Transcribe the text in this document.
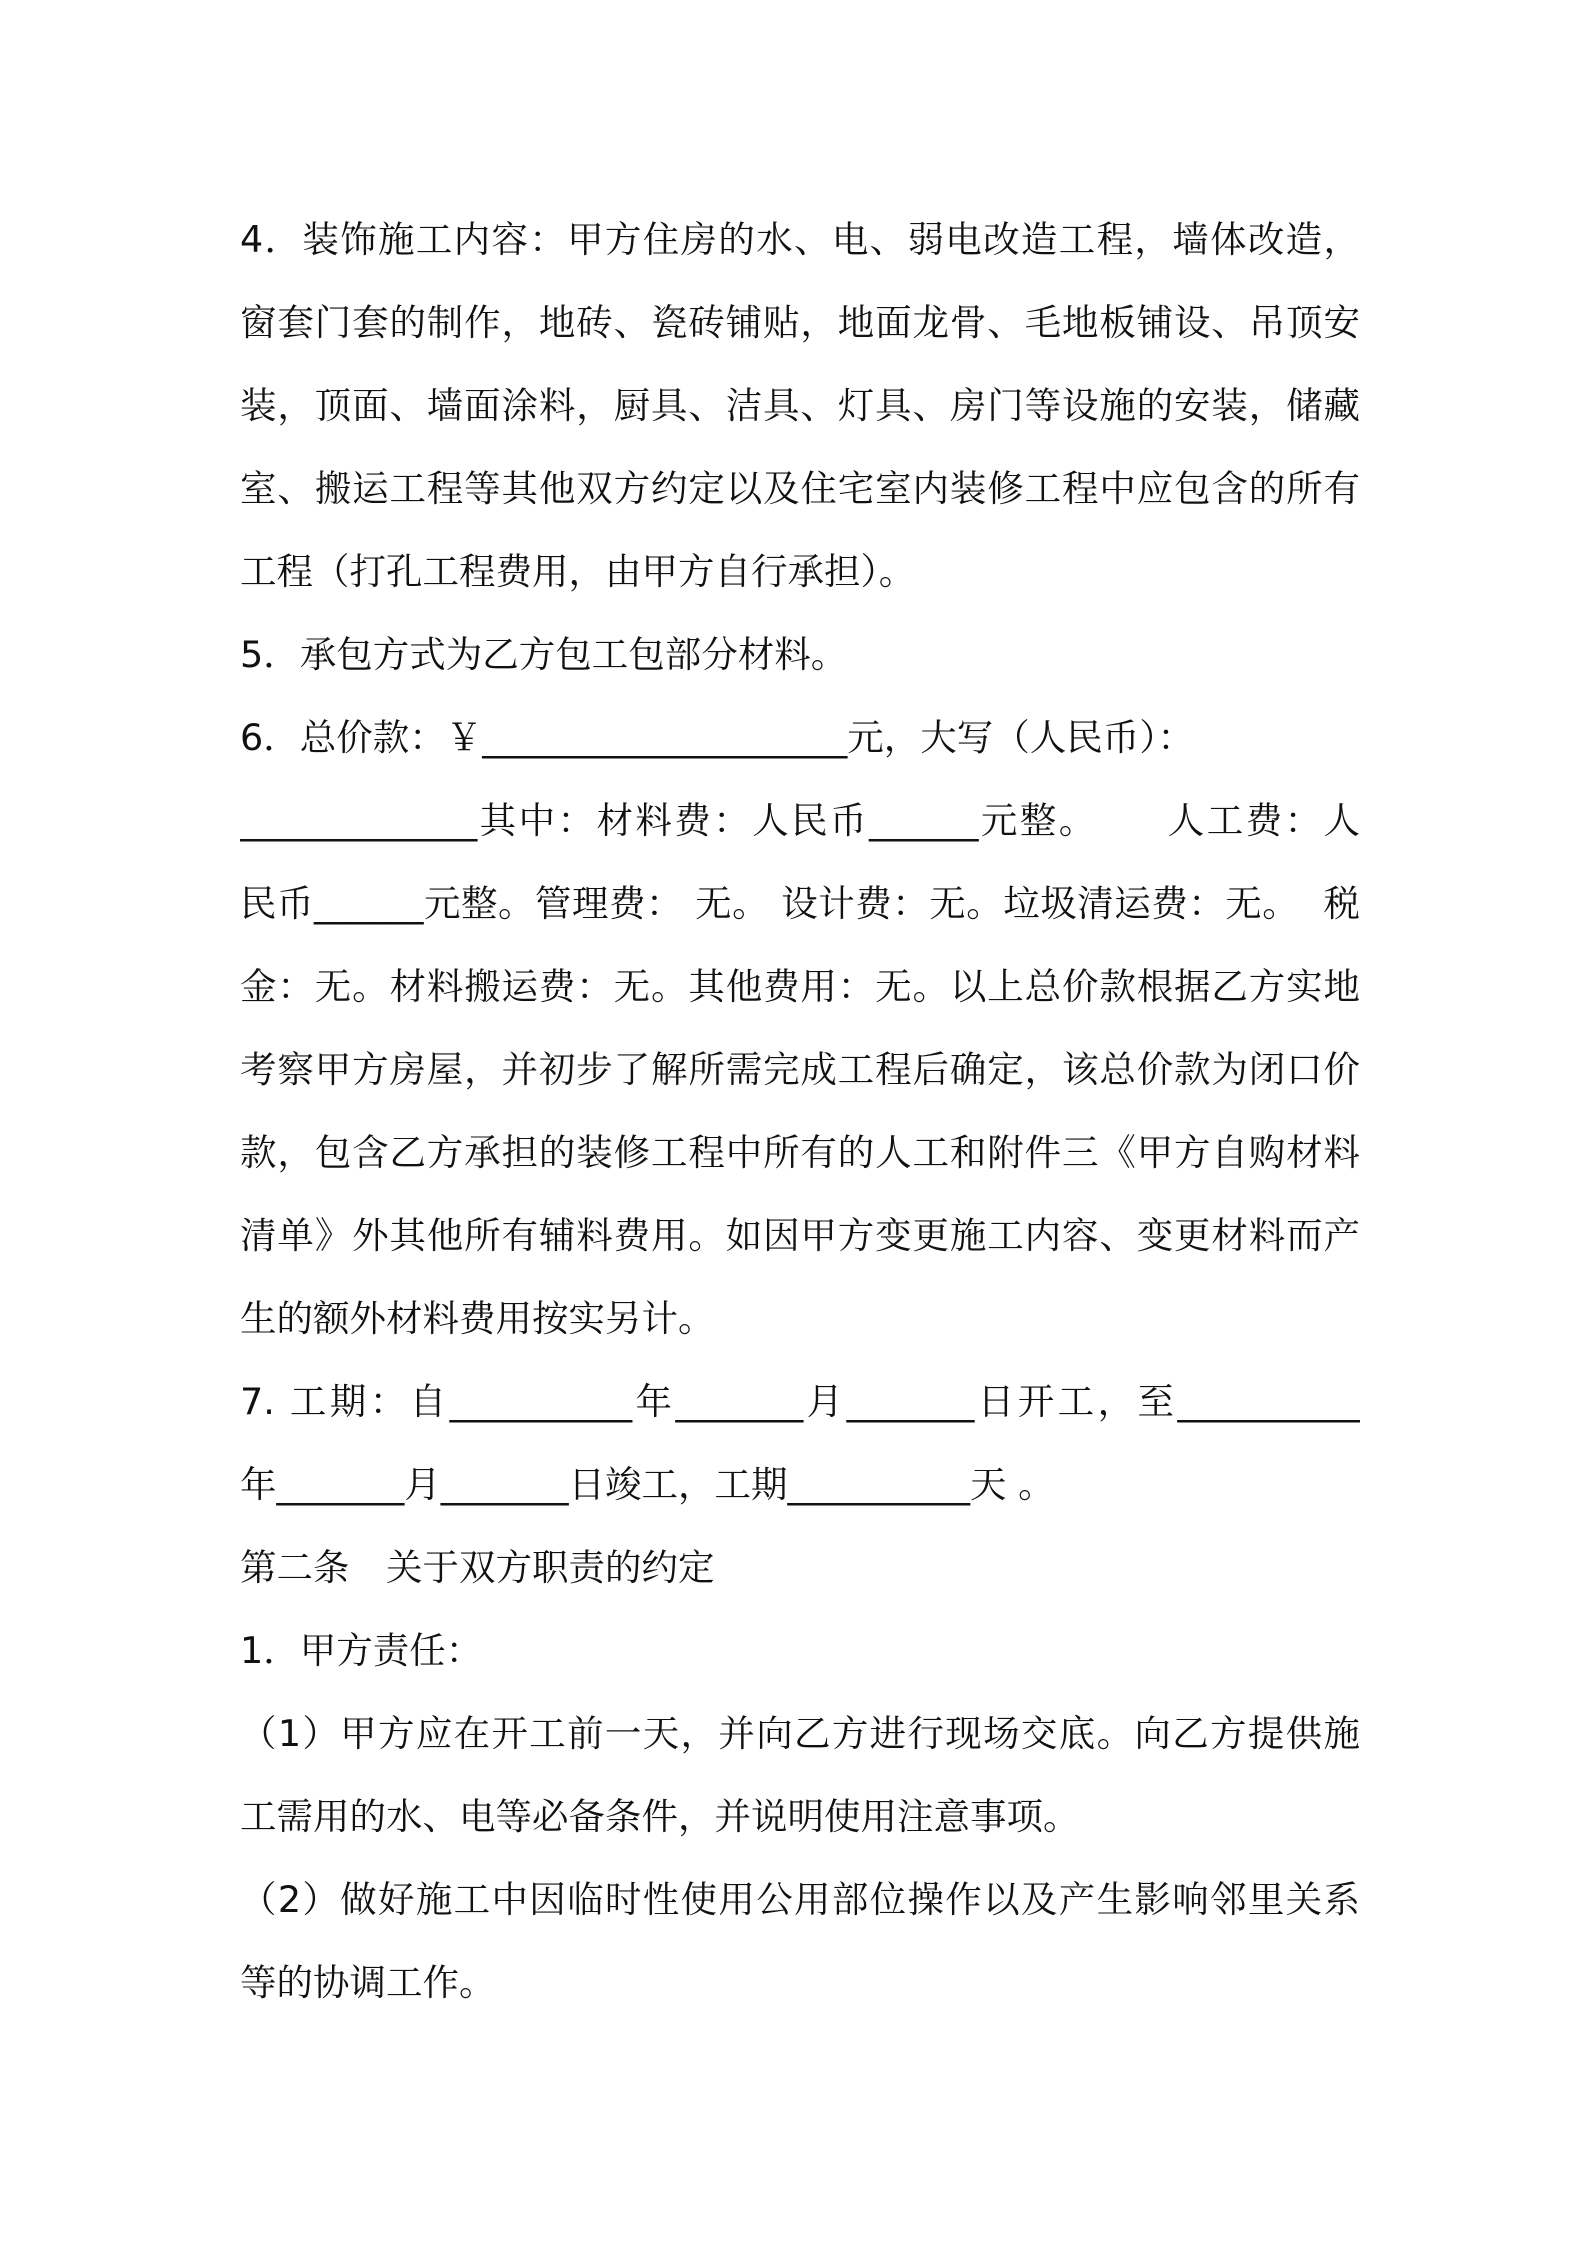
4．装饰施工内容：甲方住房的水、电、弱电改造工程，墙体改造，
窗套门套的制作，地砖、瓷砖铺贴，地面龙骨、毛地板铺设、吊顶安
装，顶面、墙面涂料，厨具、洁具、灯具、房门等设施的安装，储藏
室、搬运工程等其他双方约定以及住宅室内装修工程中应包含的所有
工程（打孔工程费用，由甲方自行承担）。
5．承包方式为乙方包工包部分材料。
6．总价款：￥____________________元，大写（人民币）：
_____________其中：材料费：人民币______元整。     人工费：人
民币______元整。管理费： 无。 设计费：无。垃圾清运费：无。  税
金：无。材料搬运费：无。其他费用：无。以上总价款根据乙方实地
考察甲方房屋，并初步了解所需完成工程后确定，该总价款为闭口价
款，包含乙方承担的装修工程中所有的人工和附件三《甲方自购材料
清单》外其他所有辅料费用。如因甲方变更施工内容、变更材料而产
生的额外材料费用按实另计。
7. 工期：自__________年_______月_______日开工，至__________
年_______月_______日竣工，工期__________天 。
第二条　关于双方职责的约定
1．甲方责任：
（1）甲方应在开工前一天，并向乙方进行现场交底。向乙方提供施
工需用的水、电等必备条件，并说明使用注意事项。
（2）做好施工中因临时性使用公用部位操作以及产生影响邻里关系
等的协调工作。
